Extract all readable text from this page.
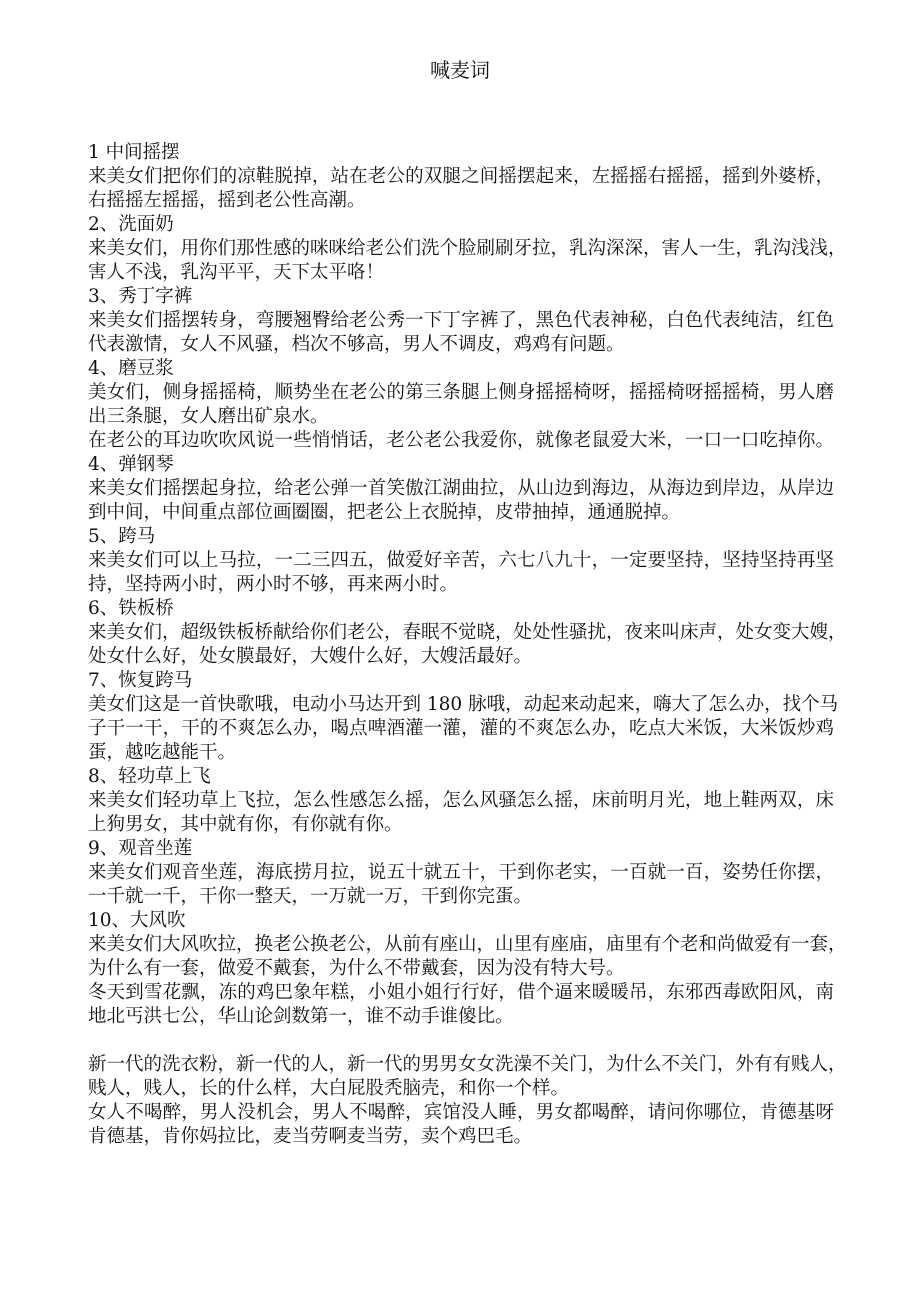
喊麦词
1 中间摇摆
来美女们把你们的凉鞋脱掉，站在老公的双腿之间摇摆起来，左摇摇右摇摇，摇到外婆桥，
右摇摇左摇摇，摇到老公性高潮。
2、洗面奶
来美女们，用你们那性感的咪咪给老公们洗个脸刷刷牙拉，乳沟深深，害人一生，乳沟浅浅，
害人不浅，乳沟平平，天下太平咯！
3、秀丁字裤
来美女们摇摆转身，弯腰翘臀给老公秀一下丁字裤了，黑色代表神秘，白色代表纯洁，红色
代表激情，女人不风骚，档次不够高，男人不调皮，鸡鸡有问题。
4、磨豆浆
美女们，侧身摇摇椅，顺势坐在老公的第三条腿上侧身摇摇椅呀，摇摇椅呀摇摇椅，男人磨
出三条腿，女人磨出矿泉水。
在老公的耳边吹吹风说一些悄悄话，老公老公我爱你，就像老鼠爱大米，一口一口吃掉你。
4、弹钢琴
来美女们摇摆起身拉，给老公弹一首笑傲江湖曲拉，从山边到海边，从海边到岸边，从岸边
到中间，中间重点部位画圈圈，把老公上衣脱掉，皮带抽掉，通通脱掉。
5、跨马
来美女们可以上马拉，一二三四五，做爱好辛苦，六七八九十，一定要坚持，坚持坚持再坚
持，坚持两小时，两小时不够，再来两小时。
6、铁板桥
来美女们，超级铁板桥献给你们老公，春眠不觉晓，处处性骚扰，夜来叫床声，处女变大嫂，
处女什么好，处女膜最好，大嫂什么好，大嫂活最好。
7、恢复跨马
美女们这是一首快歌哦，电动小马达开到 180 脉哦，动起来动起来，嗨大了怎么办，找个马
子干一干，干的不爽怎么办，喝点啤酒灌一灌，灌的不爽怎么办，吃点大米饭，大米饭炒鸡
蛋，越吃越能干。
8、轻功草上飞
来美女们轻功草上飞拉，怎么性感怎么摇，怎么风骚怎么摇，床前明月光，地上鞋两双，床
上狗男女，其中就有你，有你就有你。
9、观音坐莲
来美女们观音坐莲，海底捞月拉，说五十就五十，干到你老实，一百就一百，姿势任你摆，
一千就一千，干你一整天，一万就一万，干到你完蛋。
10、大风吹
来美女们大风吹拉，换老公换老公，从前有座山，山里有座庙，庙里有个老和尚做爱有一套，
为什么有一套，做爱不戴套，为什么不带戴套，因为没有特大号。
冬天到雪花飘，冻的鸡巴象年糕，小姐小姐行行好，借个逼来暖暖吊，东邪西毒欧阳风，南
地北丐洪七公，华山论剑数第一，谁不动手谁傻比。
新一代的洗衣粉，新一代的人，新一代的男男女女洗澡不关门，为什么不关门，外有有贱人，
贱人，贱人，长的什么样，大白屁股秃脑壳，和你一个样。
女人不喝醉，男人没机会，男人不喝醉，宾馆没人睡，男女都喝醉，请问你哪位，肯德基呀
肯德基，肯你妈拉比，麦当劳啊麦当劳，卖个鸡巴毛。
